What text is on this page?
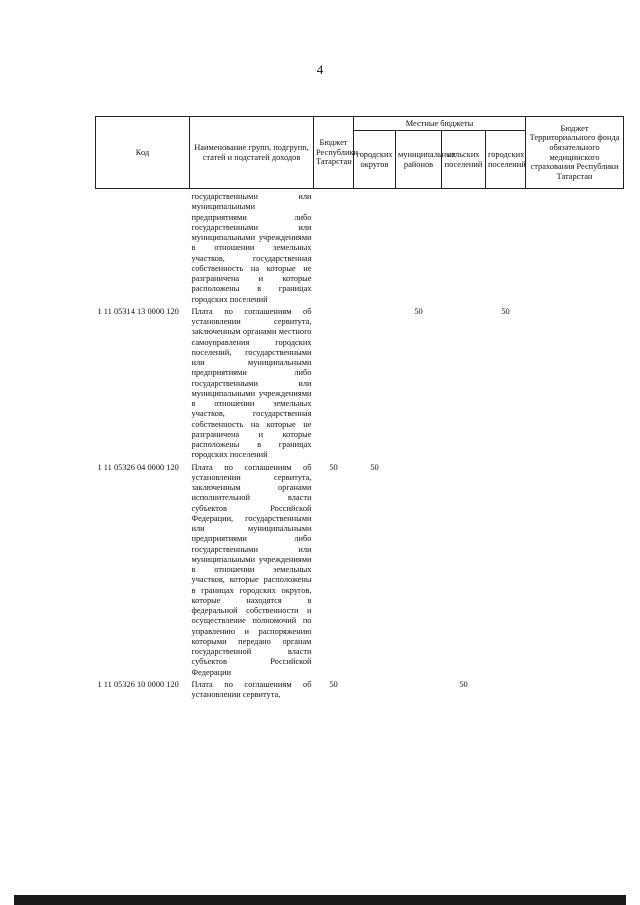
4
Код	Наименование групп, подгрупп, статей и подстатей доходов	Бюджет Республики Татарстан	Местные бюджеты				Бюджет Территориального фонда обязательного медицинского страхования Республики Татарстан
			городских округов	муниципальных районов	сельских поселений	городских поселений	
	государственными или муниципальными предприятиями либо государственными или муниципальными учреждениями в отношении земельных участков, государственная собственность на которые не разграничена и которые расположены в границах городских поселений						
1 11 05314 13 0000 120	Плата по соглашениям об установлении сервитута, заключенным органами местного самоуправления городских поселений, государственными или муниципальными предприятиями либо государственными или муниципальными учреждениями в отношении земельных участков, государственная собственность на которые не разграничена и которые расположены в границах городских поселений			50		50	
1 11 05326 04 0000 120	Плата по соглашениям об установлении сервитута, заключенным органами исполнительной власти субъектов Российской Федерации, государственными или муниципальными предприятиями либо государственными или муниципальными учреждениями в отношении земельных участков, которые расположены в границах городских округов, которые находятся в федеральной собственности и осуществление полномочий по управлению и распоряжению которыми передано органам государственной власти субъектов Российской Федерации	50	50				
1 11 05326 10 0000 120	Плата по соглашениям об установлении сервитута,	50			50		
